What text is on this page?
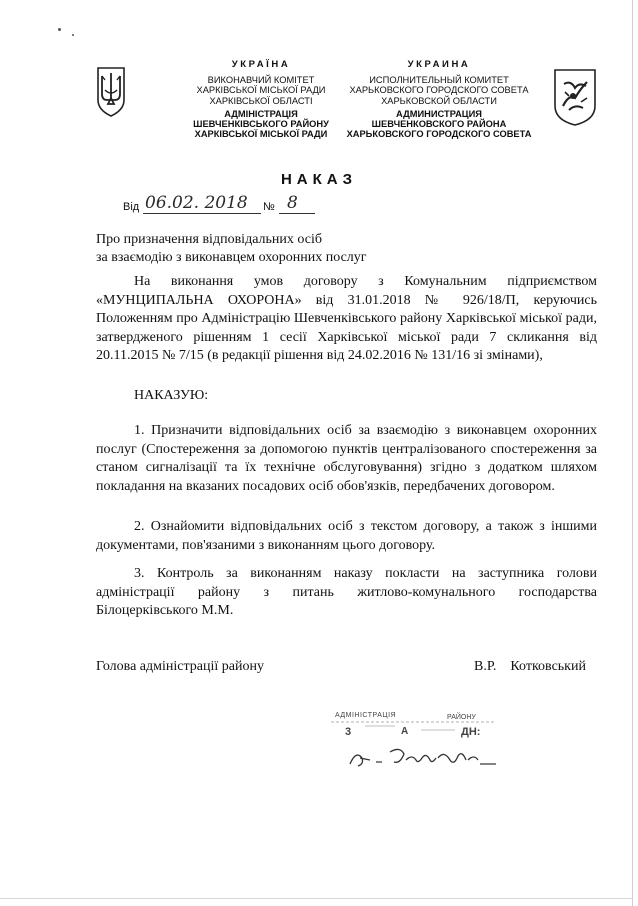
УКРАЇНА
ВИКОНАВЧИЙ КОМІТЕТ
ХАРКІВСЬКОЇ МІСЬКОЇ РАДИ
ХАРКІВСЬКОЇ ОБЛАСТІ
АДМІНІСТРАЦІЯ
ШЕВЧЕНКІВСЬКОГО РАЙОНУ
ХАРКІВСЬКОЇ МІСЬКОЇ РАДИ
УКРАИНА
ИСПОЛНИТЕЛЬНЫЙ КОМИТЕТ
ХАРЬКОВСКОГО ГОРОДСКОГО СОВЕТА
ХАРЬКОВСКОЙ ОБЛАСТИ
АДМИНИСТРАЦИЯ
ШЕВЧЕНКОВСКОГО РАЙОНА
ХАРЬКОВСКОГО ГОРОДСКОГО СОВЕТА
НАКАЗ
Від 06.02. 2018 № 8
Про призначення відповідальних осіб
за взаємодію з виконавцем охоронних послуг
На виконання умов договору з Комунальним підприємством «МУНЦИПАЛЬНА ОХОРОНА» від 31.01.2018 № 926/18/П, керуючись Положенням про Адміністрацію Шевченківського району Харківської міської ради, затвердженого рішенням 1 сесії Харківської міської ради 7 скликання від 20.11.2015 № 7/15 (в редакції рішення від 24.02.2016 № 131/16 зі змінами),
НАКАЗУЮ:
1. Призначити відповідальних осіб за взаємодію з виконавцем охоронних послуг (Спостереження за допомогою пунктів централізованого спостереження за станом сигналізації та їх технічне обслуговування) згідно з додатком шляхом покладання на вказаних посадових осіб обов'язків, передбачених договором.
2. Ознайомити відповідальних осіб з текстом договору, а також з іншими документами, пов'язаними з виконанням цього договору.
3. Контроль за виконанням наказу покласти на заступника голови адміністрації району з питань житлово-комунального господарства Білоцерківського М.М.
Голова адміністрації району	В.Р. Котковський
АДМІНІСТРАЦІЯ	РАЙОНУ
3	А	ДН:
